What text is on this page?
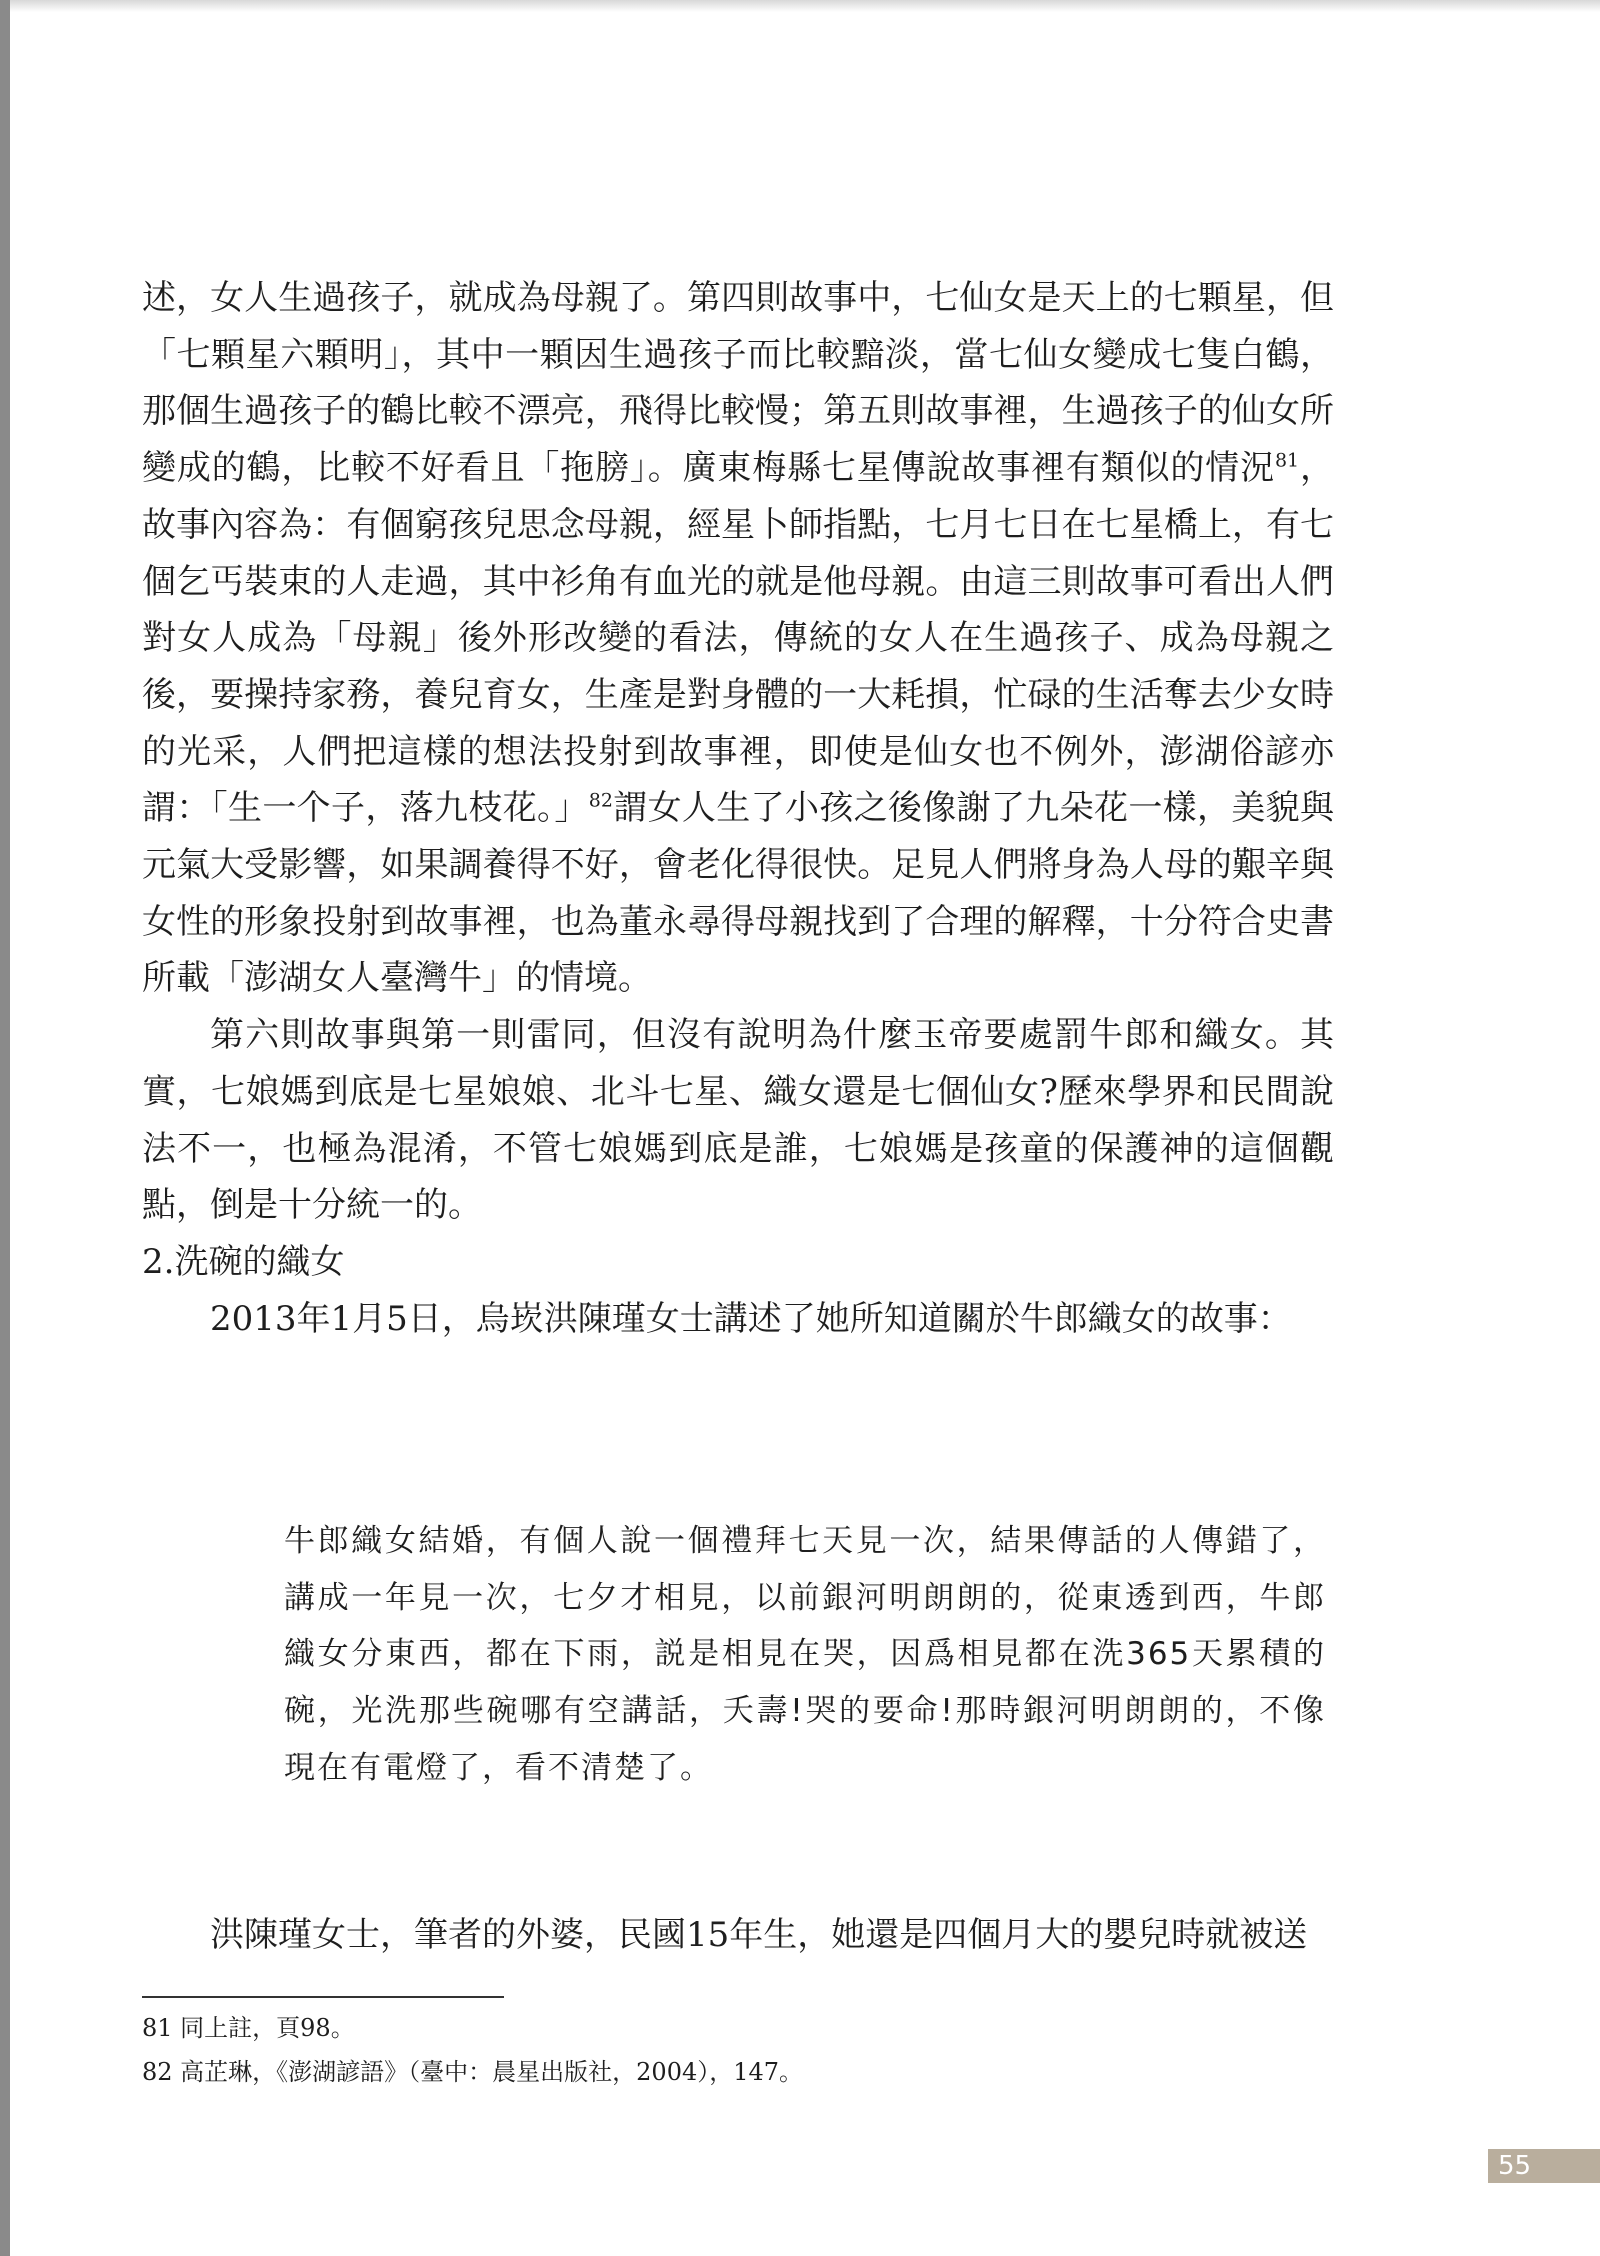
述，女人生過孩子，就成為母親了。第四則故事中，七仙女是天上的七顆星，但「七顆星六顆明」，其中一顆因生過孩子而比較黯淡，當七仙女變成七隻白鶴，那個生過孩子的鶴比較不漂亮，飛得比較慢；第五則故事裡，生過孩子的仙女所變成的鶴，比較不好看且「拖膀」。廣東梅縣七星傳說故事裡有類似的情況$^{81}$，故事內容為：有個窮孩兒思念母親，經星卜師指點，七月七日在七星橋上，有七個乞丐裝束的人走過，其中衫角有血光的就是他母親。由這三則故事可看出人們對女人成為「母親」後外形改變的看法，傳統的女人在生過孩子、成為母親之後，要操持家務，養兒育女，生產是對身體的一大耗損，忙碌的生活奪去少女時的光采，人們把這樣的想法投射到故事裡，即使是仙女也不例外，澎湖俗諺亦謂：「生一个子，落九枝花。」$^{82}$謂女人生了小孩之後像謝了九朵花一樣，美貌與元氣大受影響，如果調養得不好，會老化得很快。足見人們將身為人母的艱辛與女性的形象投射到故事裡，也為董永尋得母親找到了合理的解釋，十分符合史書所載「澎湖女人臺灣牛」的情境。

第六則故事與第一則雷同，但沒有說明為什麼玉帝要處罰牛郎和織女。其實，七娘媽到底是七星娘娘、北斗七星、織女還是七個仙女?歷來學界和民間說法不一，也極為混淆，不管七娘媽到底是誰，七娘媽是孩童的保護神的這個觀點，倒是十分統一的。

2.洗碗的織女

2013年1月5日，烏崁洪陳瑾女士講述了她所知道關於牛郎織女的故事：

牛郎織女結婚，有個人說一個禮拜七天見一次，結果傳話的人傳錯了，講成一年見一次，七夕才相見，以前銀河明朗朗的，從東透到西，牛郎織女分東西，都在下雨，説是相見在哭，因爲相見都在洗365天累積的碗，光洗那些碗哪有空講話，夭壽!哭的要命!那時銀河明朗朗的，不像現在有電燈了，看不清楚了。

洪陳瑾女士，筆者的外婆，民國15年生，她還是四個月大的嬰兒時就被送

81 同上註，頁98。
82 高芷琳，《澎湖諺語》（臺中：晨星出版社，2004），147。
55
